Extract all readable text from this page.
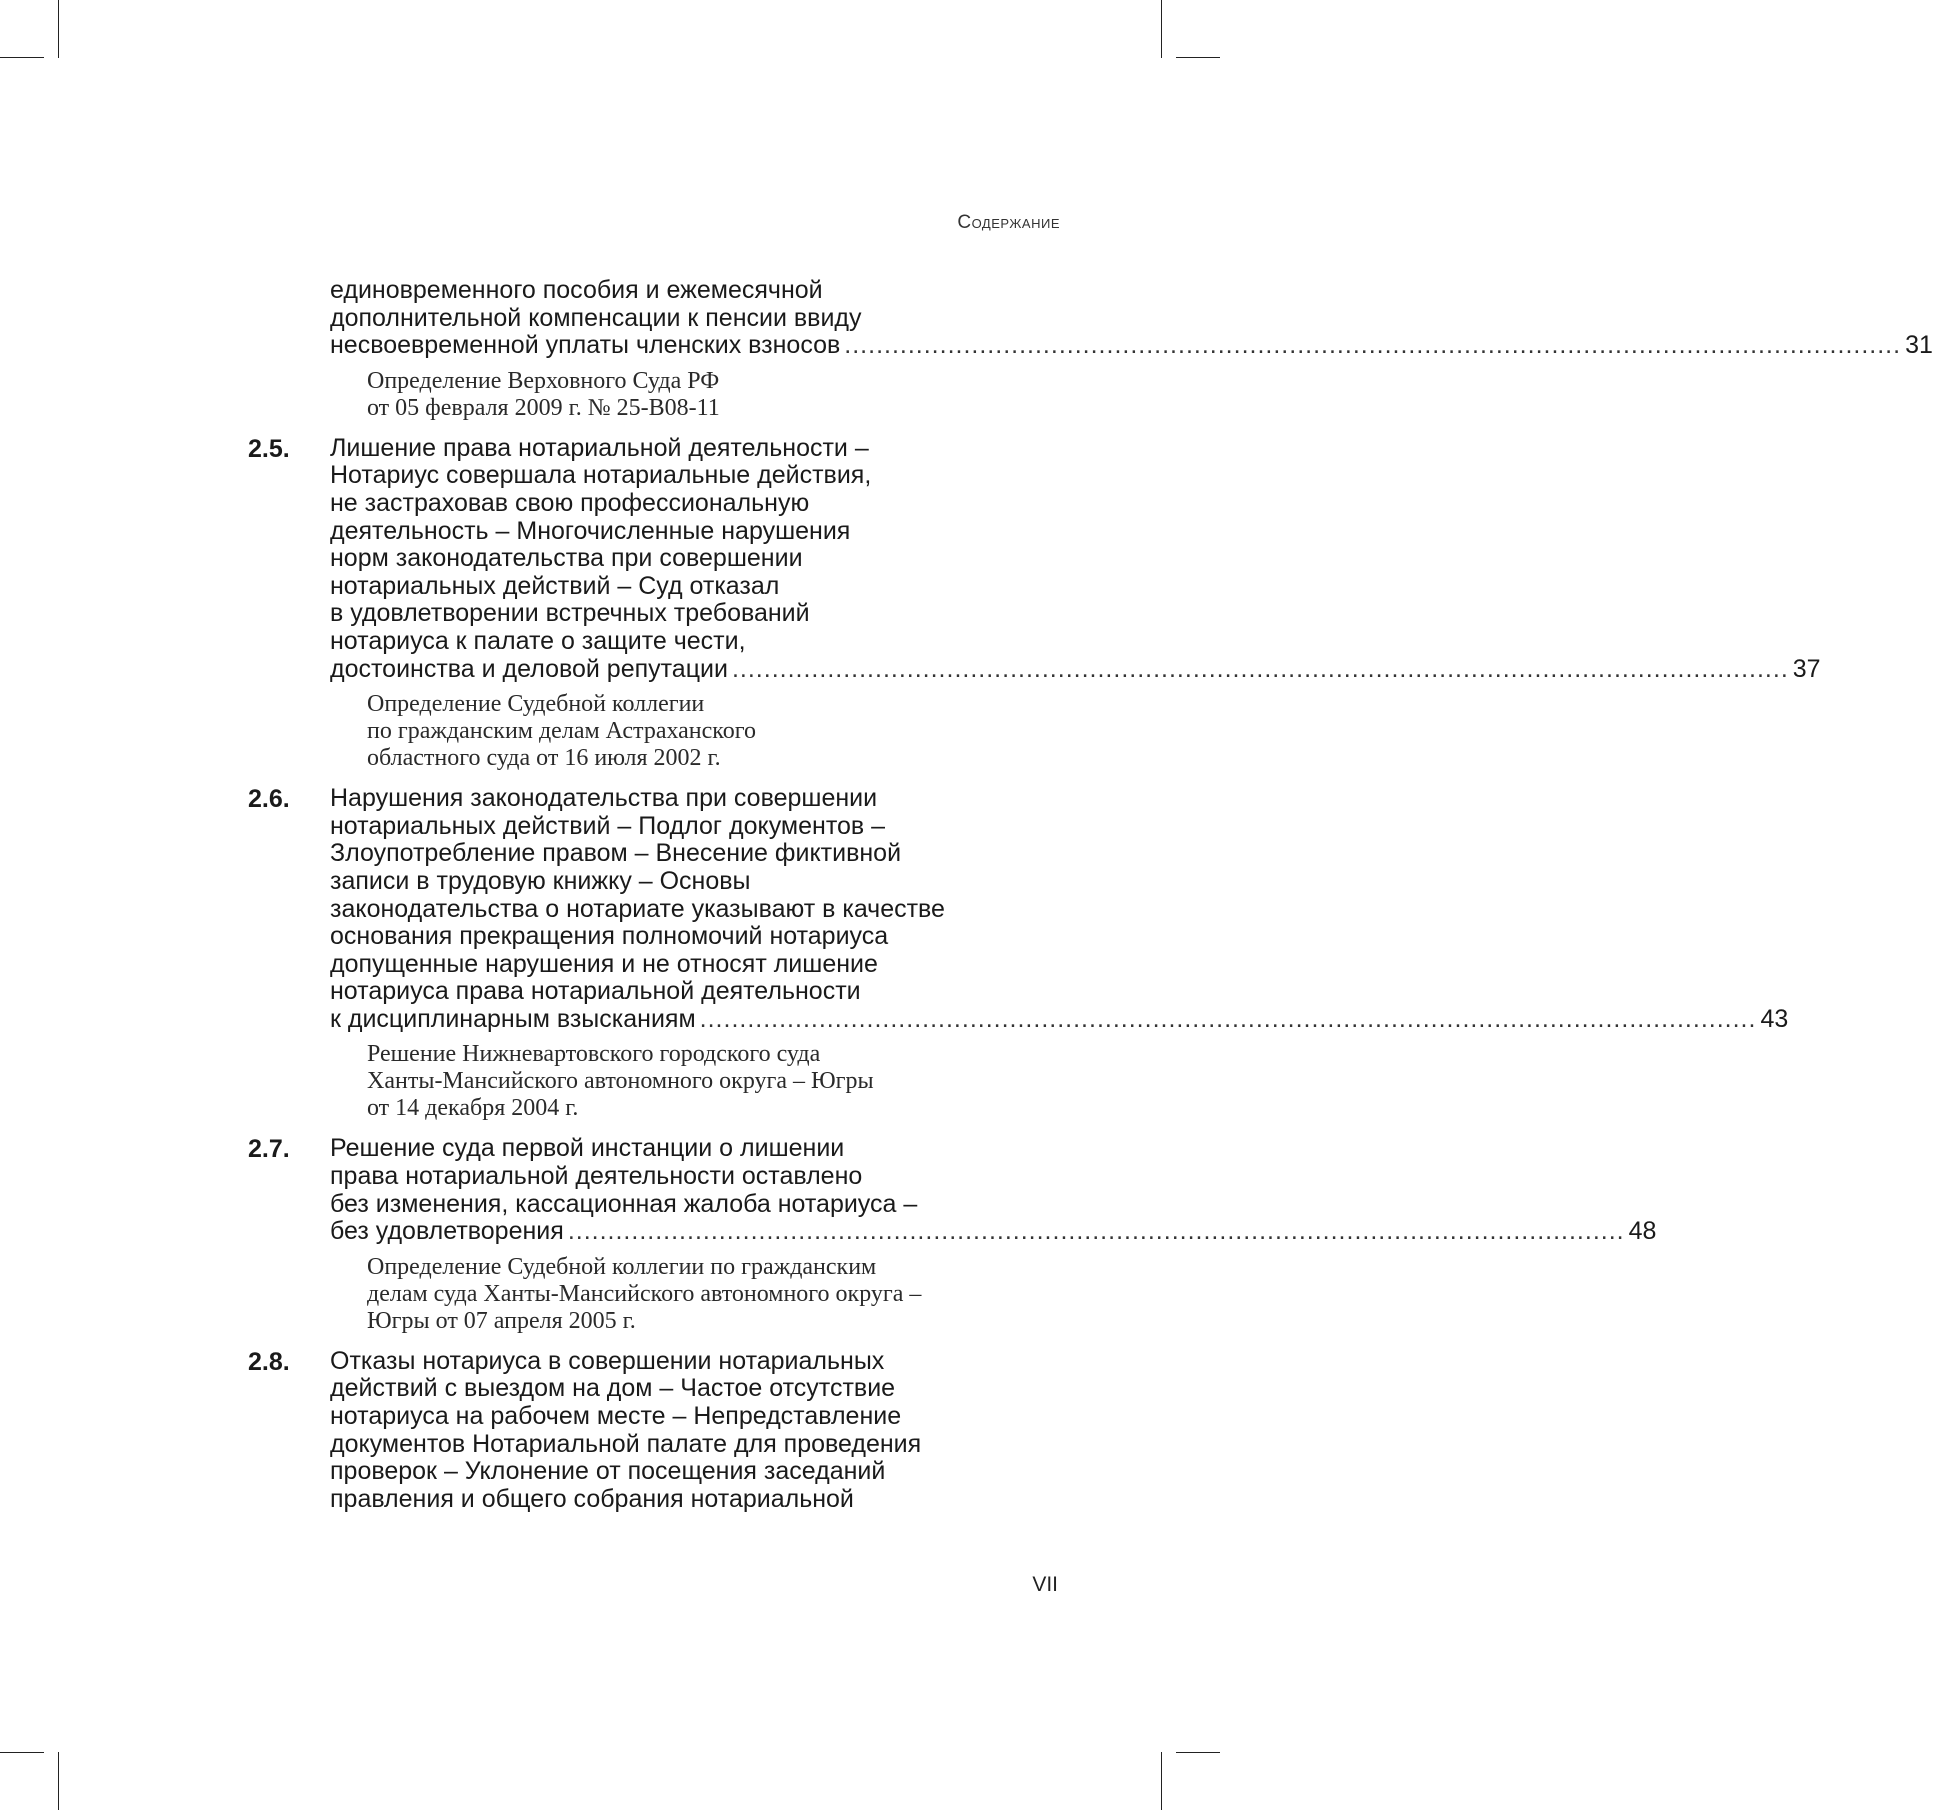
Содержание
единовременного пособия и ежемесячной
дополнительной компенсации к пенсии ввиду
несвоевременной уплаты членских взносов ..................................................................................................................................... 31
Определение Верховного Суда РФ
от 05 февраля 2009 г. № 25-В08-11
2.5. Лишение права нотариальной деятельности –
Нотариус совершала нотариальные действия,
не застраховав свою профессиональную
деятельность – Многочисленные нарушения
норм законодательства при совершении
нотариальных действий – Суд отказал
в удовлетворении встречных требований
нотариуса к палате о защите чести,
достоинства и деловой репутации ..................................................................................................................................... 37
Определение Судебной коллегии
по гражданским делам Астраханского
областного суда от 16 июля 2002 г.
2.6. Нарушения законодательства при совершении
нотариальных действий – Подлог документов –
Злоупотребление правом – Внесение фиктивной
записи в трудовую книжку – Основы
законодательства о нотариате указывают в качестве
основания прекращения полномочий нотариуса
допущенные нарушения и не относят лишение
нотариуса права нотариальной деятельности
к дисциплинарным взысканиям ..................................................................................................................................... 43
Решение Нижневартовского городского суда
Ханты-Мансийского автономного округа – Югры
от 14 декабря 2004 г.
2.7. Решение суда первой инстанции о лишении
права нотариальной деятельности оставлено
без изменения, кассационная жалоба нотариуса –
без удовлетворения ..................................................................................................................................... 48
Определение Судебной коллегии по гражданским
делам суда Ханты-Мансийского автономного округа –
Югры от 07 апреля 2005 г.
2.8. Отказы нотариуса в совершении нотариальных
действий с выездом на дом – Частое отсутствие
нотариуса на рабочем месте – Непредставление
документов Нотариальной палате для проведения
проверок – Уклонение от посещения заседаний
правления и общего собрания нотариальной
VII
